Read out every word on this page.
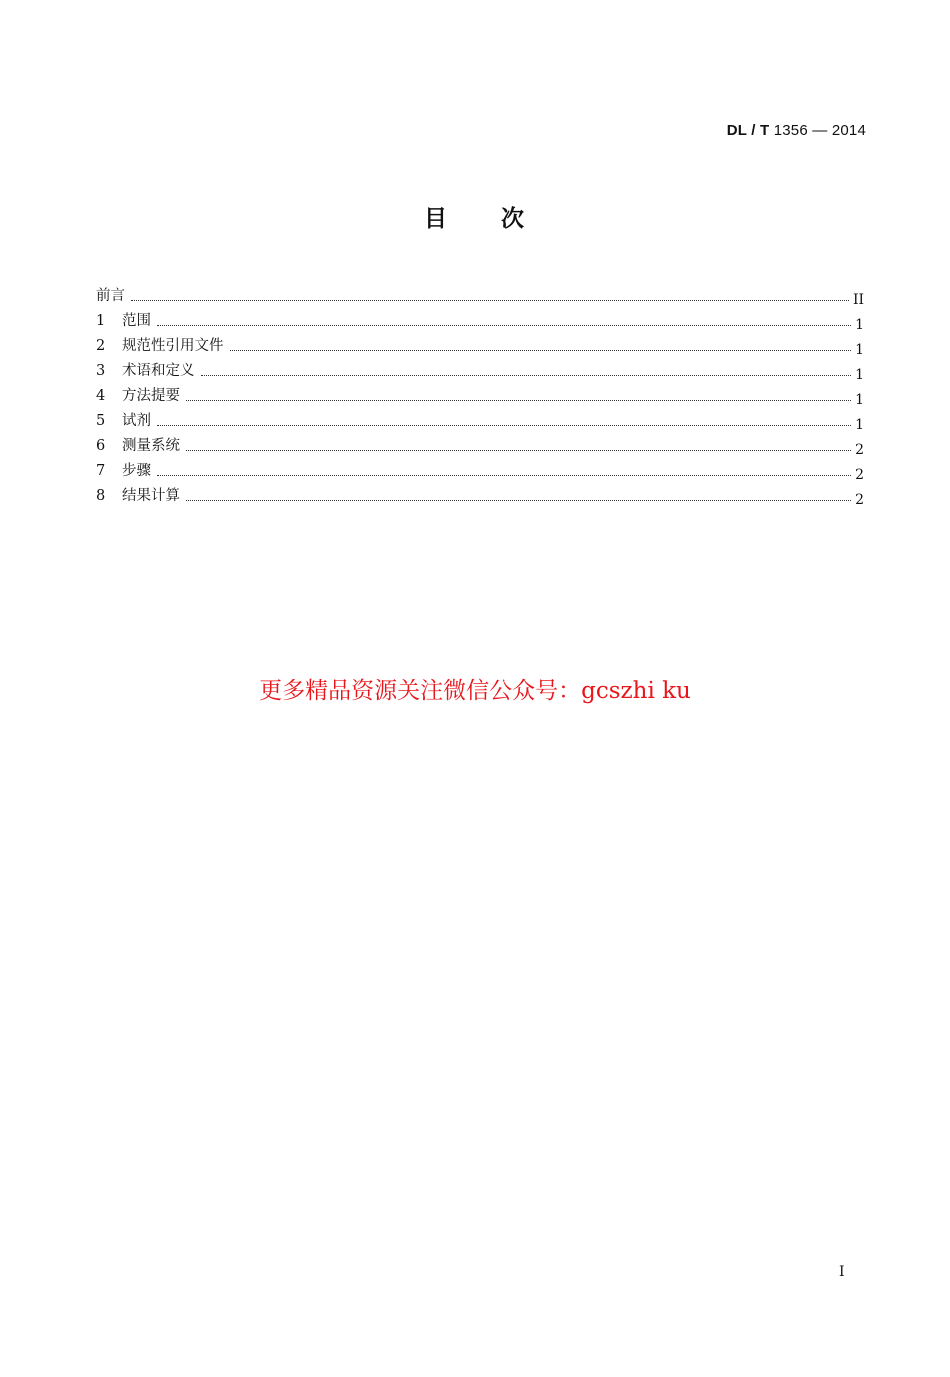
DL / T 1356 — 2014
目 次
前言	II
1	范围	1
2	规范性引用文件	1
3	术语和定义	1
4	方法提要	1
5	试剂	1
6	测量系统	2
7	步骤	2
8	结果计算	2
更多精品资源关注微信公众号：gcszhi ku
I
